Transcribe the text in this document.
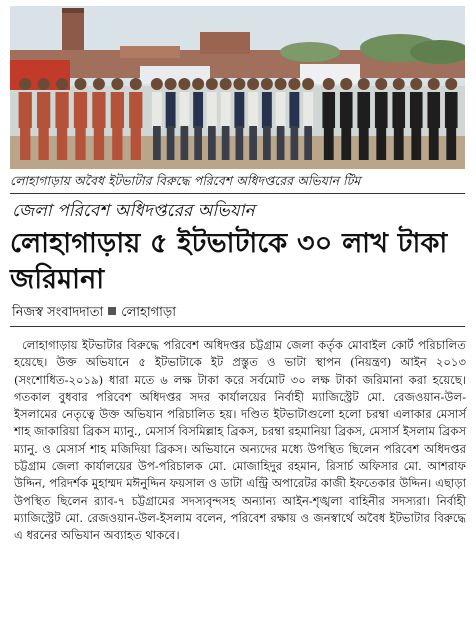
লোহাগাড়ায় অবৈধ ইটভাটার বিরুদ্ধে পরিবেশ অধিদপ্তরের অভিযান টিম
জেলা পরিবেশ অধিদপ্তরের অভিযান
লোহাগাড়ায় ৫ ইটভাটাকে ৩০ লাখ টাকা জরিমানা
নিজস্ব সংবাদদাতা লোহাগাড়া
লোহাগাড়ায় ইটভাটার বিরুদ্ধে পরিবেশ অধিদপ্তর চট্টগ্রাম জেলা কর্তৃক মোবাইল কোর্ট পরিচালিত হয়েছে। উক্ত অভিযানে ৫ ইটভাটাকে ইট প্রস্তুত ও ভাটা স্থাপন (নিয়ন্ত্রণ) আইন ২০১৩ (সংশোধিত-২০১৯) ধারা মতে ৬ লক্ষ টাকা করে সর্বমোট ৩০ লক্ষ টাকা জরিমানা করা হয়েছে। গতকাল বুধবার পরিবেশ অধিদপ্তর সদর কার্যালয়ের নির্বাহী ম্যাজিস্ট্রেট মো. রেজওয়ান-উল-ইসলামের নেতৃত্বে উক্ত অভিযান পরিচালিত হয়। দণ্ডিত ইটভাটাগুলো হলো চরম্বা এলাকার মেসার্স শাহ জাকারিয়া ব্রিকস ম্যানু., মেসার্স বিসমিল্লাহ ব্রিকস, চরম্বা রহমানিয়া ব্রিকস, মেসার্স ইসলাম ব্রিকস ম্যানু. ও মেসার্স শাহ মজিদিয়া ব্রিকস। অভিযানে অন্যদের মধ্যে উপস্থিত ছিলেন পরিবেশ অধিদপ্তর চট্টগ্রাম জেলা কার্যালয়ের উপ-পরিচালক মো. মোজাহিদুর রহমান, রিসার্চ অফিসার মো. আশরাফ উদ্দিন, পরিদর্শক মুহাম্মদ মঈনুদ্দিন ফয়সাল ও ডাটা এন্ট্রি অপারেটর কাজী ইফতেকার উদ্দিন। এছাড়া উপস্থিত ছিলেন র‍্যাব-৭ চট্টগ্রামের সদস্যবৃন্দসহ অন্যান্য আইন-শৃঙ্খলা বাহিনীর সদস্যরা। নির্বাহী ম্যাজিস্ট্রেট মো. রেজওয়ান-উল-ইসলাম বলেন, পরিবেশ রক্ষায় ও জনস্বার্থে অবৈধ ইটভাটার বিরুদ্ধে এ ধরনের অভিযান অব্যাহত থাকবে।
